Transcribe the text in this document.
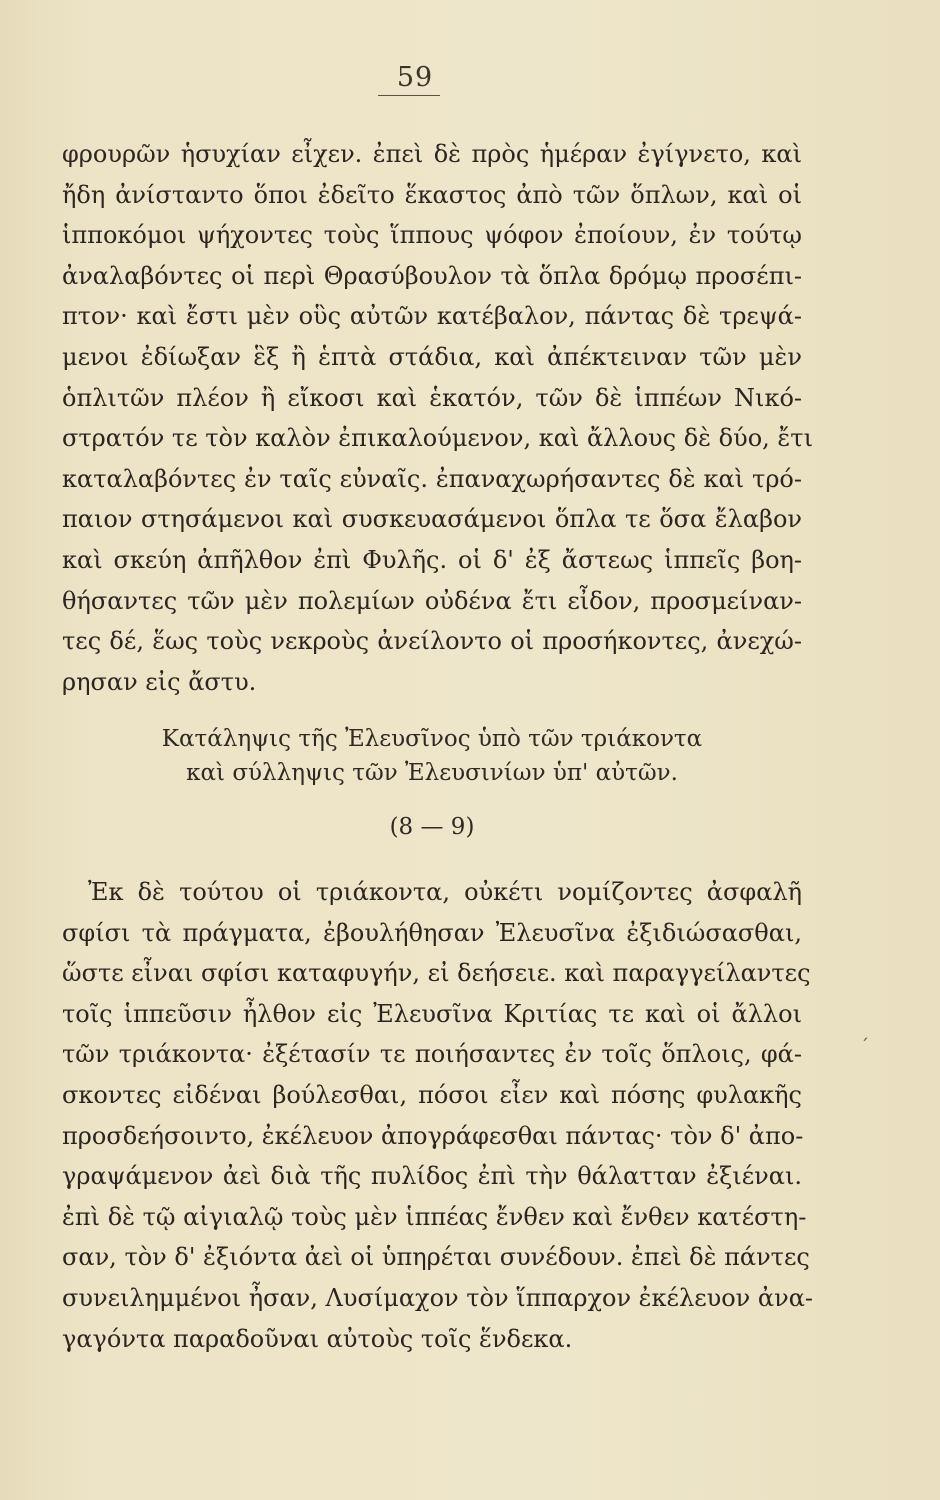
59
φρουρῶν ἡσυχίαν εἶχεν. ἐπεὶ δὲ πρὸς ἡμέραν ἐγίγνετο, καὶ
ἤδη ἀνίσταντο ὅποι ἐδεῖτο ἕκαστος ἀπὸ τῶν ὅπλων, καὶ οἱ
ἱπποκόμοι ψήχοντες τοὺς ἵππους ψόφον ἐποίουν, ἐν τούτῳ
ἀναλαβόντες οἱ περὶ Θρασύβουλον τὰ ὅπλα δρόμῳ προσέπι-
πτον· καὶ ἔστι μὲν οὓς αὐτῶν κατέβαλον, πάντας δὲ τρεψά-
μενοι ἐδίωξαν ἓξ ἢ ἑπτὰ στάδια, καὶ ἀπέκτειναν τῶν μὲν
ὁπλιτῶν πλέον ἢ εἴκοσι καὶ ἑκατόν, τῶν δὲ ἱππέων Νικό-
στρατόν τε τὸν καλὸν ἐπικαλούμενον, καὶ ἄλλους δὲ δύο, ἔτι
καταλαβόντες ἐν ταῖς εὐναῖς. ἐπαναχωρήσαντες δὲ καὶ τρό-
παιον στησάμενοι καὶ συσκευασάμενοι ὅπλα τε ὅσα ἔλαβον
καὶ σκεύη ἀπῆλθον ἐπὶ Φυλῆς. οἱ δ' ἐξ ἄστεως ἱππεῖς βοη-
θήσαντες τῶν μὲν πολεμίων οὐδένα ἔτι εἶδον, προσμείναν-
τες δέ, ἕως τοὺς νεκροὺς ἀνείλοντο οἱ προσήκοντες, ἀνεχώ-
ρησαν εἰς ἄστυ.
Κατάληψις τῆς Ἐλευσῖνος ὑπὸ τῶν τριάκοντα
καὶ σύλληψις τῶν Ἐλευσινίων ὑπ' αὐτῶν.
(8 — 9)
Ἐκ δὲ τούτου οἱ τριάκοντα, οὐκέτι νομίζοντες ἀσφαλῆ
σφίσι τὰ πράγματα, ἐβουλήθησαν Ἐλευσῖνα ἐξιδιώσασθαι,
ὥστε εἶναι σφίσι καταφυγήν, εἰ δεήσειε. καὶ παραγγείλαντες
τοῖς ἱππεῦσιν ἦλθον εἰς Ἐλευσῖνα Κριτίας τε καὶ οἱ ἄλλοι
τῶν τριάκοντα· ἐξέτασίν τε ποιήσαντες ἐν τοῖς ὅπλοις, φά-
σκοντες εἰδέναι βούλεσθαι, πόσοι εἶεν καὶ πόσης φυλακῆς
προσδεήσοιντο, ἐκέλευον ἀπογράφεσθαι πάντας· τὸν δ' ἀπο-
γραψάμενον ἀεὶ διὰ τῆς πυλίδος ἐπὶ τὴν θάλατταν ἐξιέναι.
ἐπὶ δὲ τῷ αἰγιαλῷ τοὺς μὲν ἱππέας ἔνθεν καὶ ἔνθεν κατέστη-
σαν, τὸν δ' ἐξιόντα ἀεὶ οἱ ὑπηρέται συνέδουν. ἐπεὶ δὲ πάντες
συνειλημμένοι ἦσαν, Λυσίμαχον τὸν ἵππαρχον ἐκέλευον ἀνα-
γαγόντα παραδοῦναι αὐτοὺς τοῖς ἕνδεκα.
ˊ
